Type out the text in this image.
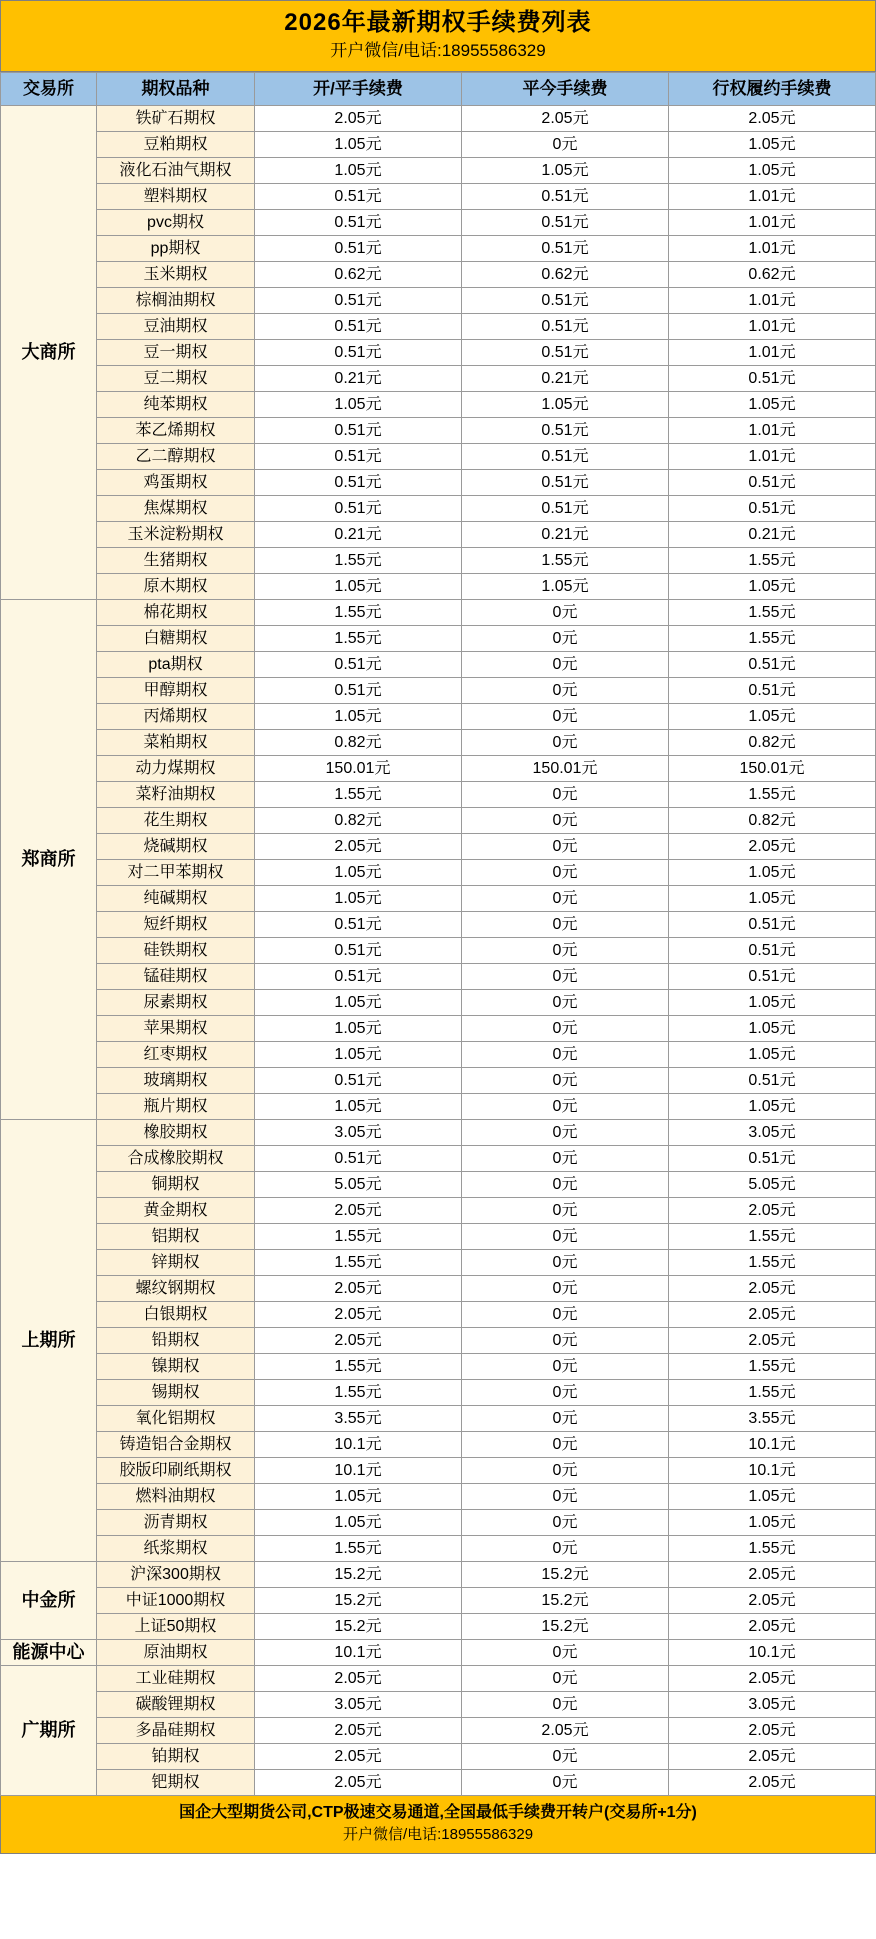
2026年最新期权手续费列表
开户微信/电话:18955586329
交易所	期权品种	开/平手续费	平今手续费	行权履约手续费
大商所	铁矿石期权	2.05元	2.05元	2.05元
	豆粕期权	1.05元	0元	1.05元
	液化石油气期权	1.05元	1.05元	1.05元
	塑料期权	0.51元	0.51元	1.01元
	pvc期权	0.51元	0.51元	1.01元
	pp期权	0.51元	0.51元	1.01元
	玉米期权	0.62元	0.62元	0.62元
	棕榈油期权	0.51元	0.51元	1.01元
	豆油期权	0.51元	0.51元	1.01元
	豆一期权	0.51元	0.51元	1.01元
	豆二期权	0.21元	0.21元	0.51元
	纯苯期权	1.05元	1.05元	1.05元
	苯乙烯期权	0.51元	0.51元	1.01元
	乙二醇期权	0.51元	0.51元	1.01元
	鸡蛋期权	0.51元	0.51元	0.51元
	焦煤期权	0.51元	0.51元	0.51元
	玉米淀粉期权	0.21元	0.21元	0.21元
	生猪期权	1.55元	1.55元	1.55元
	原木期权	1.05元	1.05元	1.05元
郑商所	棉花期权	1.55元	0元	1.55元
	白糖期权	1.55元	0元	1.55元
	pta期权	0.51元	0元	0.51元
	甲醇期权	0.51元	0元	0.51元
	丙烯期权	1.05元	0元	1.05元
	菜粕期权	0.82元	0元	0.82元
	动力煤期权	150.01元	150.01元	150.01元
	菜籽油期权	1.55元	0元	1.55元
	花生期权	0.82元	0元	0.82元
	烧碱期权	2.05元	0元	2.05元
	对二甲苯期权	1.05元	0元	1.05元
	纯碱期权	1.05元	0元	1.05元
	短纤期权	0.51元	0元	0.51元
	硅铁期权	0.51元	0元	0.51元
	锰硅期权	0.51元	0元	0.51元
	尿素期权	1.05元	0元	1.05元
	苹果期权	1.05元	0元	1.05元
	红枣期权	1.05元	0元	1.05元
	玻璃期权	0.51元	0元	0.51元
	瓶片期权	1.05元	0元	1.05元
上期所	橡胶期权	3.05元	0元	3.05元
	合成橡胶期权	0.51元	0元	0.51元
	铜期权	5.05元	0元	5.05元
	黄金期权	2.05元	0元	2.05元
	铝期权	1.55元	0元	1.55元
	锌期权	1.55元	0元	1.55元
	螺纹钢期权	2.05元	0元	2.05元
	白银期权	2.05元	0元	2.05元
	铅期权	2.05元	0元	2.05元
	镍期权	1.55元	0元	1.55元
	锡期权	1.55元	0元	1.55元
	氧化铝期权	3.55元	0元	3.55元
	铸造铝合金期权	10.1元	0元	10.1元
	胶版印刷纸期权	10.1元	0元	10.1元
	燃料油期权	1.05元	0元	1.05元
	沥青期权	1.05元	0元	1.05元
	纸浆期权	1.55元	0元	1.55元
中金所	沪深300期权	15.2元	15.2元	2.05元
	中证1000期权	15.2元	15.2元	2.05元
	上证50期权	15.2元	15.2元	2.05元
能源中心	原油期权	10.1元	0元	10.1元
广期所	工业硅期权	2.05元	0元	2.05元
	碳酸锂期权	3.05元	0元	3.05元
	多晶硅期权	2.05元	2.05元	2.05元
	铂期权	2.05元	0元	2.05元
	钯期权	2.05元	0元	2.05元
国企大型期货公司,CTP极速交易通道,全国最低手续费开转户(交易所+1分)
开户微信/电话:18955586329
